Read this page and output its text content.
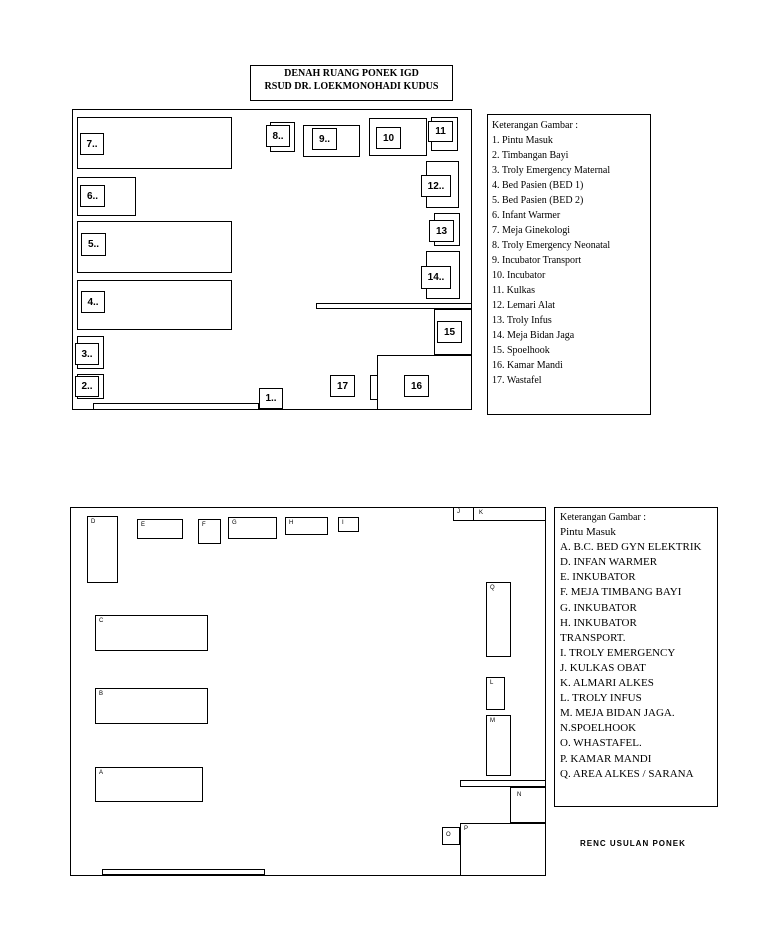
DENAH RUANG PONEK IGD
RSUD DR. LOEKMONOHADI KUDUS
7..
6..
5..
4..
3..
2..
1..
8..	9..	10
11
12..
13
14..
15
16
17
Keterangan Gambar :
1. Pintu Masuk
2. Timbangan Bayi
3. Troly Emergency Maternal
4. Bed Pasien (BED 1)
5. Bed Pasien (BED 2)
6. Infant Warmer
7. Meja Ginekologi
8. Troly Emergency Neonatal
9. Incubator Transport
10. Incubator
11. Kulkas
12. Lemari Alat
13. Troly Infus
14. Meja Bidan Jaga
15. Spoelhook
16. Kamar Mandi
17. Wastafel
K
J
D	E	F	G	H	I
C
B
A
Q
L
M
N
P
O
Keterangan Gambar :
Pintu Masuk
A. B.C. BED GYN ELEKTRIK
D. INFAN WARMER
E. INKUBATOR
F. MEJA TIMBANG BAYI
G. INKUBATOR
H. INKUBATOR
TRANSPORT.
I. TROLY EMERGENCY
J. KULKAS OBAT
K. ALMARI ALKES
L. TROLY INFUS
M. MEJA BIDAN JAGA.
N.SPOELHOOK
O. WHASTAFEL.
P. KAMAR MANDI
Q. AREA ALKES / SARANA
RENC USULAN PONEK
